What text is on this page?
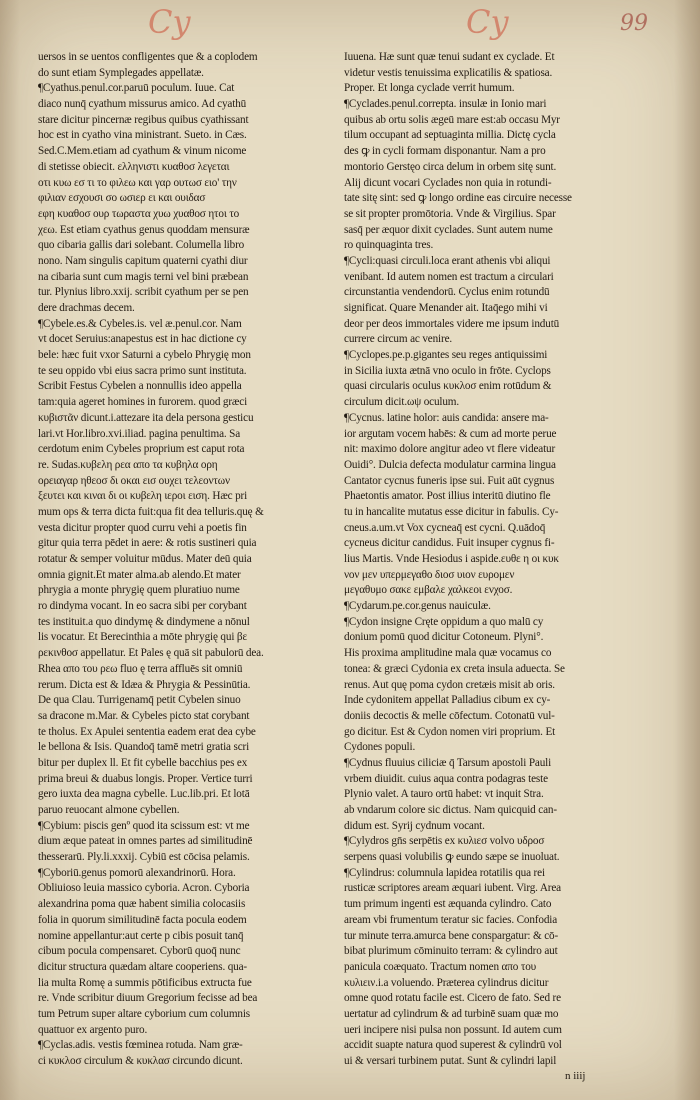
Cy	Cy	99
uersos in se uentos confligentes que & a coplodem
do sunt etiam Symplegades appellatæ.
¶Cyathus.penul.cor.paruū poculum. Iuue. Cat
diaco nunq̄ cyathum missurus amico. Ad cyathū
stare dicitur pincernæ regibus quibus cyathissant
hoc est in cyatho vina ministrant. Sueto. in Cæs.
Sed.C.Mem.etiam ad cyathum & vinum nicome
di stetisse obiecit. ελληνιστι κυαθοσ λεγεται
οτι κυω εσ τι το φιλεω και γαρ ουτωσ ειο' την
φιλιαν εσχουσι σο ωσιερ ει και ουιδασ
εφη κυαθοσ ουρ τωραστα χυω χυαθοσ ητοι το
χεω. Est etiam cyathus genus quoddam mensuræ
quo cibaria gallis dari solebant. Columella libro
nono. Nam singulis capitum quaterni cyathi diur
na cibaria sunt cum magis terni vel bini præbean
tur. Plynius libro.xxij. scribit cyathum per se pen
dere drachmas decem.
¶Cybele.es.& Cybeles.is. vel æ.penul.cor. Nam
vt docet Seruius:anapestus est in hac dictione cy
bele: hæc fuit vxor Saturni a cybelo Phrygię mon
te seu oppido vbi eius sacra primo sunt instituta.
Scribit Festus Cybelen a nonnullis ideo appella
tam:quia ageret homines in furorem. quod græci
κυβιστᾶν dicunt.i.attezare ita dela persona gesticu
lari.vt Hor.libro.xvi.iliad. pagina penultima. Sa
cerdotum enim Cybeles proprium est caput rota
re. Sudas.κυβελη ρεα απο τα κυβηλα ορη
ορειαγαρ ηθεοσ δι οκαι εισ ουχει τελεοντων
ξευτει και κιναι δι οι κυβελη ιεροι ειση. Hæc pri
mum ops & terra dicta fuit:qua fit dea telluris.quę &
vesta dicitur propter quod curru vehi a poetis fin
gitur quia terra pēdet in aere: & rotis sustineri quia
rotatur & semper voluitur mūdus. Mater deū quia
omnia gignit.Et mater alma.ab alendo.Et mater
phrygia a monte phrygię quem pluratiuo nume
ro dindyma vocant. In eo sacra sibi per corybant
tes instituit.a quo dindymę & dindymene a nōnul
lis vocatur. Et Berecinthia a mōte phrygię qui βε
ρεκινθοσ appellatur. Et Pales ę quā sit pabulorū dea.
Rhea απο του ρεω fluo ę terra affluēs sit omniū
rerum. Dicta est & Idæa & Phrygia & Pessinūtia.
De qua Clau. Turrigenamq̄ petit Cybelen sinuo
sa dracone m.Mar. & Cybeles picto stat corybant
te tholus. Ex Apulei sententia eadem erat dea cybe
le bellona & Isis. Quandoq̄ tamē metri gratia scri
bitur per duplex ll. Et fit cybelle bacchius pes ex
prima breui & duabus longis. Proper. Vertice turri
gero iuxta dea magna cybelle. Luc.lib.pri. Et lotā
paruo reuocant almone cybellen.
¶Cybium: piscis genº quod ita scissum est: vt me
dium æque pateat in omnes partes ad similitudinē
thesserarū. Ply.li.xxxij. Cybiū est cōcisa pelamis.
¶Cyboriū.genus pomorū alexandrinorū. Hora.
Obliuioso leuia massico cyboria. Acron. Cyboria
alexandrina poma quæ habent similia colocasiis
folia in quorum similitudinē facta pocula eodem
nomine appellantur:aut certe p cibis posuit tanq̄
cibum pocula compensaret. Cyborū quoq̄ nunc
dicitur structura quædam altare cooperiens. qua-
lia multa Romę a summis pōtificibus extructa fue
re. Vnde scribitur diuum Gregorium fecisse ad bea
tum Petrum super altare cyborium cum columnis
quattuor ex argento puro.
¶Cyclas.adis. vestis fœminea rotuda. Nam græ-
ci κυκλοσ circulum & κυκλασ circundo dicunt.
Iuuena. Hæ sunt quæ tenui sudant ex cyclade. Et
videtur vestis tenuissima explicatilis & spatiosa.
Proper. Et longa cyclade verrit humum.
¶Cyclades.penul.correpta. insulæ in Ionio mari
quibus ab ortu solis ægeū mare est:ab occasu Myr
tilum occupant ad septuaginta millia. Dictę cycla
des ꝙ in cycli formam disponantur. Nam a pro
montorio Gerstęo circa delum in orbem sitę sunt.
Alij dicunt vocari Cyclades non quia in rotundi-
tate sitę sint: sed ꝙ longo ordine eas circuire necesse
se sit propter promōtoria. Vnde & Virgilius. Spar
sasq̄ per æquor dixit cyclades. Sunt autem nume
ro quinquaginta tres.
¶Cycli:quasi circuli.loca erant athenis vbi aliqui
venibant. Id autem nomen est tractum a circulari
circunstantia vendendorū. Cyclus enim rotundū
significat. Quare Menander ait. Itaq̄ego mihi vi
deor per deos immortales videre me ipsum indutū
currere circum ac venire.
¶Cyclopes.pe.p.gigantes seu reges antiquissimi
in Sicilia iuxta ætnā vno oculo in frōte. Cyclops
quasi circularis oculus κυκλοσ enim rotūdum &
circulum dicit.ωψ oculum.
¶Cycnus. latine holor: auis candida: ansere ma-
ior argutam vocem habēs: & cum ad morte perue
nit: maximo dolore angitur adeo vt flere videatur
Ouidi°. Dulcia defecta modulatur carmina lingua
Cantator cycnus funeris ipse sui. Fuit aūt cygnus
Phaetontis amator. Post illius interitū diutino fle
tu in hancalite mutatus esse dicitur in fabulis. Cy-
cneus.a.um.vt Vox cycneaq̄ est cycni. Q.uādoq̄
cycneus dicitur candidus. Fuit insuper cygnus fi-
lius Martis. Vnde Hesiodus i aspide.ευθε η οι κυκ
νον μεν υπερμεγαθο διοσ υιον ευρομεν
μεγαθυμο σακε εμβαλε χαλκεοι ενχοσ.
¶Cydarum.pe.cor.genus nauiculæ.
¶Cydon insigne Cręte oppidum a quo malū cy
donium pomū quod dicitur Cotoneum. Plyni°.
His proxima amplitudine mala quæ vocamus co
tonea: & græci Cydonia ex creta insula aduecta. Se
renus. Aut quę poma cydon cretæis misit ab oris.
Inde cydonitem appellat Palladius cibum ex cy-
doniis decoctis & melle cōfectum. Cotonatū vul-
go dicitur. Est & Cydon nomen viri proprium. Et
Cydones populi.
¶Cydnus fluuius ciliciæ q̄ Tarsum apostoli Pauli
vrbem diuidit. cuius aqua contra podagras teste
Plynio valet. A tauro ortū habet: vt inquit Stra.
ab vndarum colore sic dictus. Nam quicquid can-
didum est. Syrij cydnum vocant.
¶Cylydros gn̄s serpētis ex κυλιεσ volvo υδροσ
serpens quasi volubilis ꝙ eundo sæpe se inuoluat.
¶Cylindrus: columnula lapidea rotatilis qua rei
rusticæ scriptores aream æquari iubent. Virg. Area
tum primum ingenti est æquanda cylindro. Cato
aream vbi frumentum teratur sic facies. Confodia
tur minute terra.amurca bene conspargatur: & cō-
bibat plurimum cōminuito terram: & cylindro aut
panicula coæquato. Tractum nomen απο του
κυλιειν.i.a voluendo. Præterea cylindrus dicitur
omne quod rotatu facile est. Cicero de fato. Sed re
uertatur ad cylindrum & ad turbinē suam quæ mo
ueri incipere nisi pulsa non possunt. Id autem cum
accidit suapte natura quod superest & cylindrū vol
ui & versari turbinem putat. Sunt & cylindri lapil
n iiij
